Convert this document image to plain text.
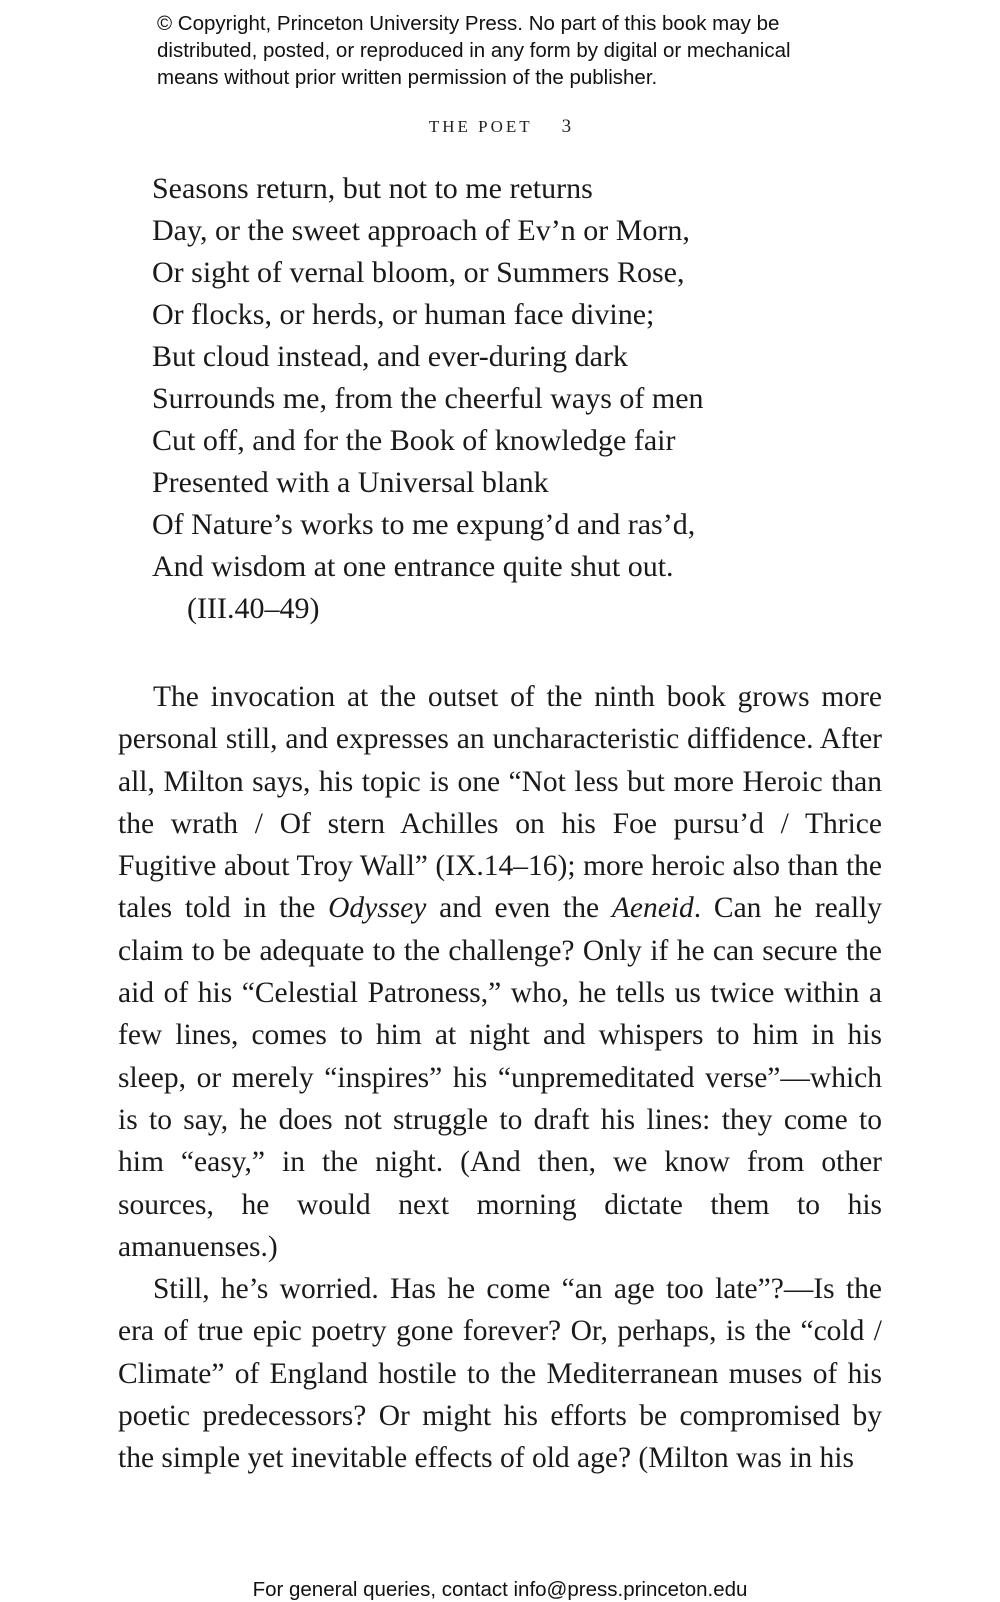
© Copyright, Princeton University Press. No part of this book may be
distributed, posted, or reproduced in any form by digital or mechanical
means without prior written permission of the publisher.
THE POET 3
Seasons return, but not to me returns
Day, or the sweet approach of Ev’n or Morn,
Or sight of vernal bloom, or Summers Rose,
Or flocks, or herds, or human face divine;
But cloud instead, and ever-during dark
Surrounds me, from the cheerful ways of men
Cut off, and for the Book of knowledge fair
Presented with a Universal blank
Of Nature’s works to me expung’d and ras’d,
And wisdom at one entrance quite shut out.
(III.40–49)

The invocation at the outset of the ninth book grows more personal still, and expresses an uncharacteristic diffidence. After all, Milton says, his topic is one “Not less but more Heroic than the wrath / Of stern Achilles on his Foe pursu’d / Thrice Fugitive about Troy Wall” (IX.14–16); more heroic also than the tales told in the Odyssey and even the Aeneid. Can he really claim to be adequate to the challenge? Only if he can secure the aid of his “Celestial Patroness,” who, he tells us twice within a few lines, comes to him at night and whispers to him in his sleep, or merely “inspires” his “unpremeditated verse”—which is to say, he does not struggle to draft his lines: they come to him “easy,” in the night. (And then, we know from other sources, he would next morning dictate them to his amanuenses.)

Still, he’s worried. Has he come “an age too late”?—Is the era of true epic poetry gone forever? Or, perhaps, is the “cold / Climate” of England hostile to the Mediterranean muses of his poetic predecessors? Or might his efforts be compromised by the simple yet inevitable effects of old age? (Milton was in his

For general queries, contact info@press.princeton.edu
